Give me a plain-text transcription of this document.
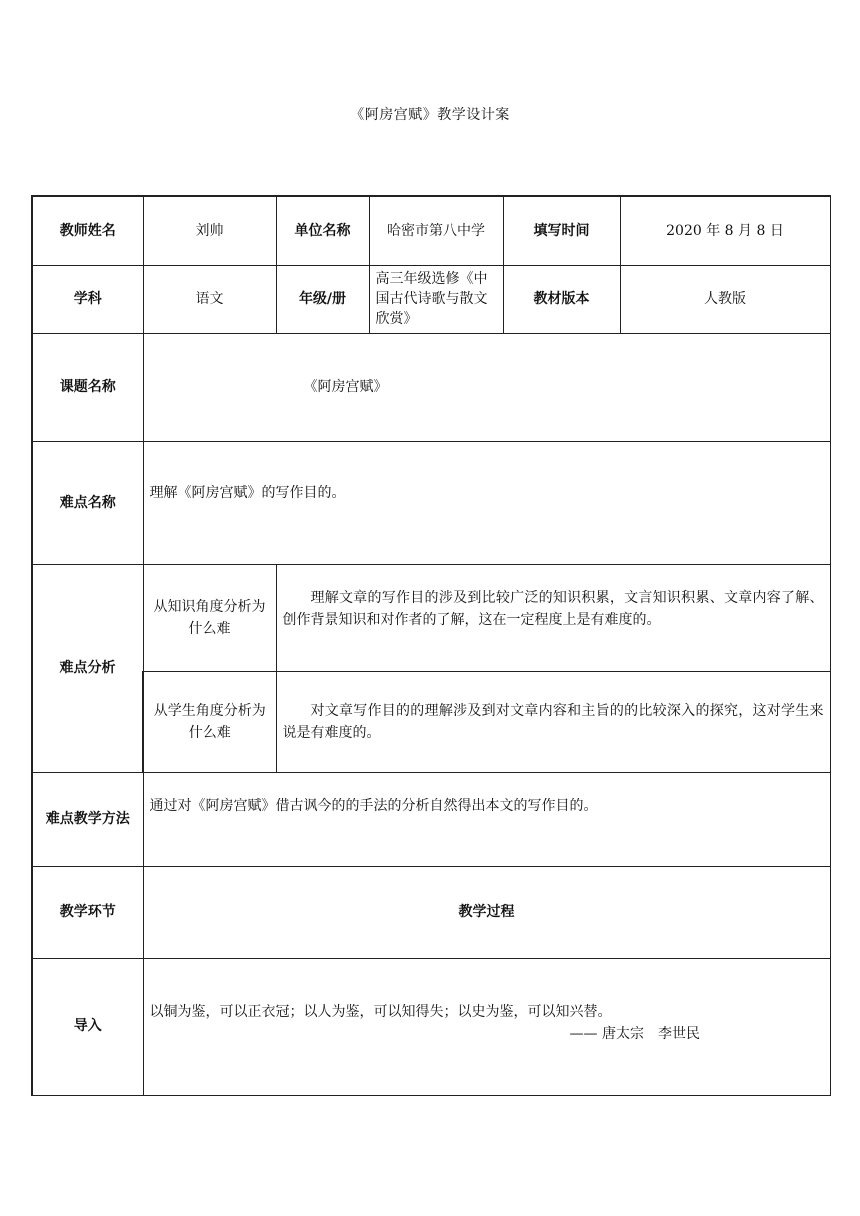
《阿房宫赋》教学设计案
教师姓名	刘帅	单位名称	哈密市第八中学	填写时间	2020 年 8 月 8 日
学科	语文	年级/册	高三年级选修《中国古代诗歌与散文欣赏》	教材版本	人教版
课题名称	《阿房宫赋》				
难点名称	理解《阿房宫赋》的写作目的。				
难点分析	从知识角度分析为什么难	理解文章的写作目的涉及到比较广泛的知识积累，文言知识积累、文章内容了解、创作背景知识和对作者的了解，这在一定程度上是有难度的。			
	从学生角度分析为什么难	对文章写作目的的理解涉及到对文章内容和主旨的的比较深入的探究，这对学生来说是有难度的。			
难点教学方法	通过对《阿房宫赋》借古讽今的的手法的分析自然得出本文的写作目的。				
教学环节	教学过程				
导入	以铜为鉴，可以正衣冠；以人为鉴，可以知得失；以史为鉴，可以知兴替。
—— 唐太宗　李世民				
